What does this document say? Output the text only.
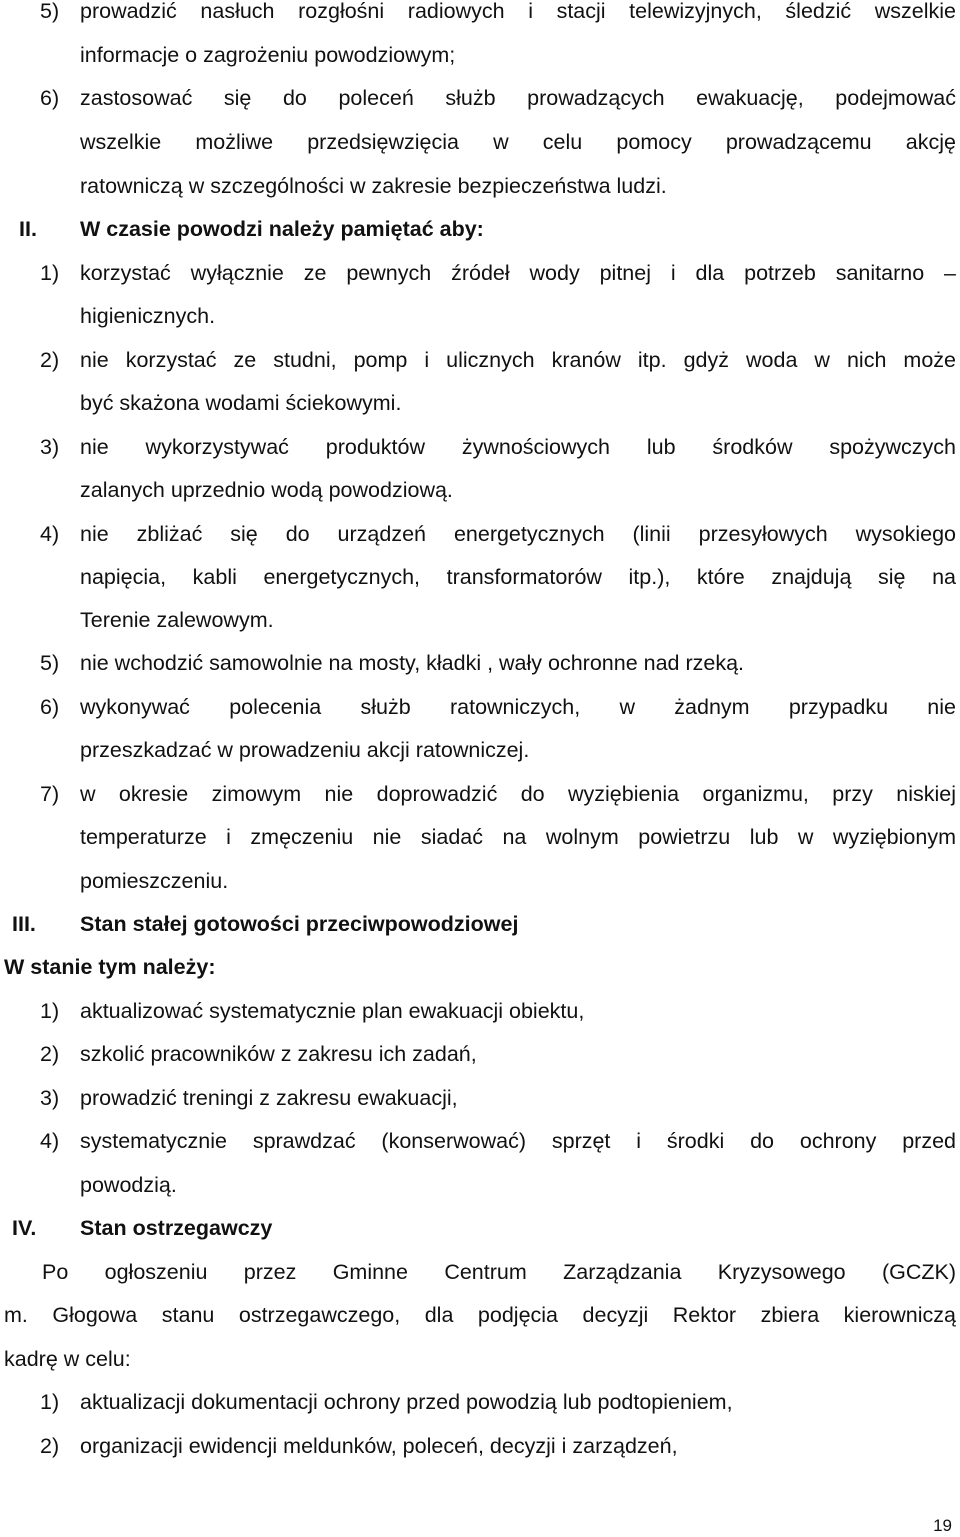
5) prowadzić nasłuch rozgłośni radiowych i stacji telewizyjnych, śledzić wszelkie
informacje o zagrożeniu powodziowym;
6) zastosować się do poleceń służb prowadzących ewakuację, podejmować
wszelkie możliwe przedsięwzięcia w celu pomocy prowadzącemu akcję
ratowniczą w szczególności w zakresie bezpieczeństwa ludzi.
II. W czasie powodzi należy pamiętać aby:
1) korzystać wyłącznie ze pewnych źródeł wody pitnej i dla potrzeb sanitarno –
higienicznych.
2) nie korzystać ze studni, pomp i ulicznych kranów itp. gdyż woda w nich może
być skażona wodami ściekowymi.
3) nie wykorzystywać produktów żywnościowych lub środków spożywczych
zalanych uprzednio wodą powodziową.
4) nie zbliżać się do urządzeń energetycznych (linii przesyłowych wysokiego
napięcia, kabli energetycznych, transformatorów itp.), które znajdują się na
Terenie zalewowym.
5) nie wchodzić samowolnie na mosty, kładki , wały ochronne nad rzeką.
6) wykonywać polecenia służb ratowniczych, w żadnym przypadku nie
przeszkadzać w prowadzeniu akcji ratowniczej.
7) w okresie zimowym nie doprowadzić do wyziębienia organizmu, przy niskiej
temperaturze i zmęczeniu nie siadać na wolnym powietrzu lub w wyziębionym
pomieszczeniu.
III. Stan stałej gotowości przeciwpowodziowej
W stanie tym należy:
1) aktualizować systematycznie plan ewakuacji obiektu,
2) szkolić pracowników z zakresu ich zadań,
3) prowadzić treningi z zakresu ewakuacji,
4) systematycznie sprawdzać (konserwować) sprzęt i środki do ochrony przed
powodzią.
IV. Stan ostrzegawczy
Po ogłoszeniu przez Gminne Centrum Zarządzania Kryzysowego (GCZK)
m. Głogowa stanu ostrzegawczego, dla podjęcia decyzji Rektor zbiera kierowniczą
kadrę w celu:
1) aktualizacji dokumentacji ochrony przed powodzią lub podtopieniem,
2) organizacji ewidencji meldunków, poleceń, decyzji i zarządzeń,
19
